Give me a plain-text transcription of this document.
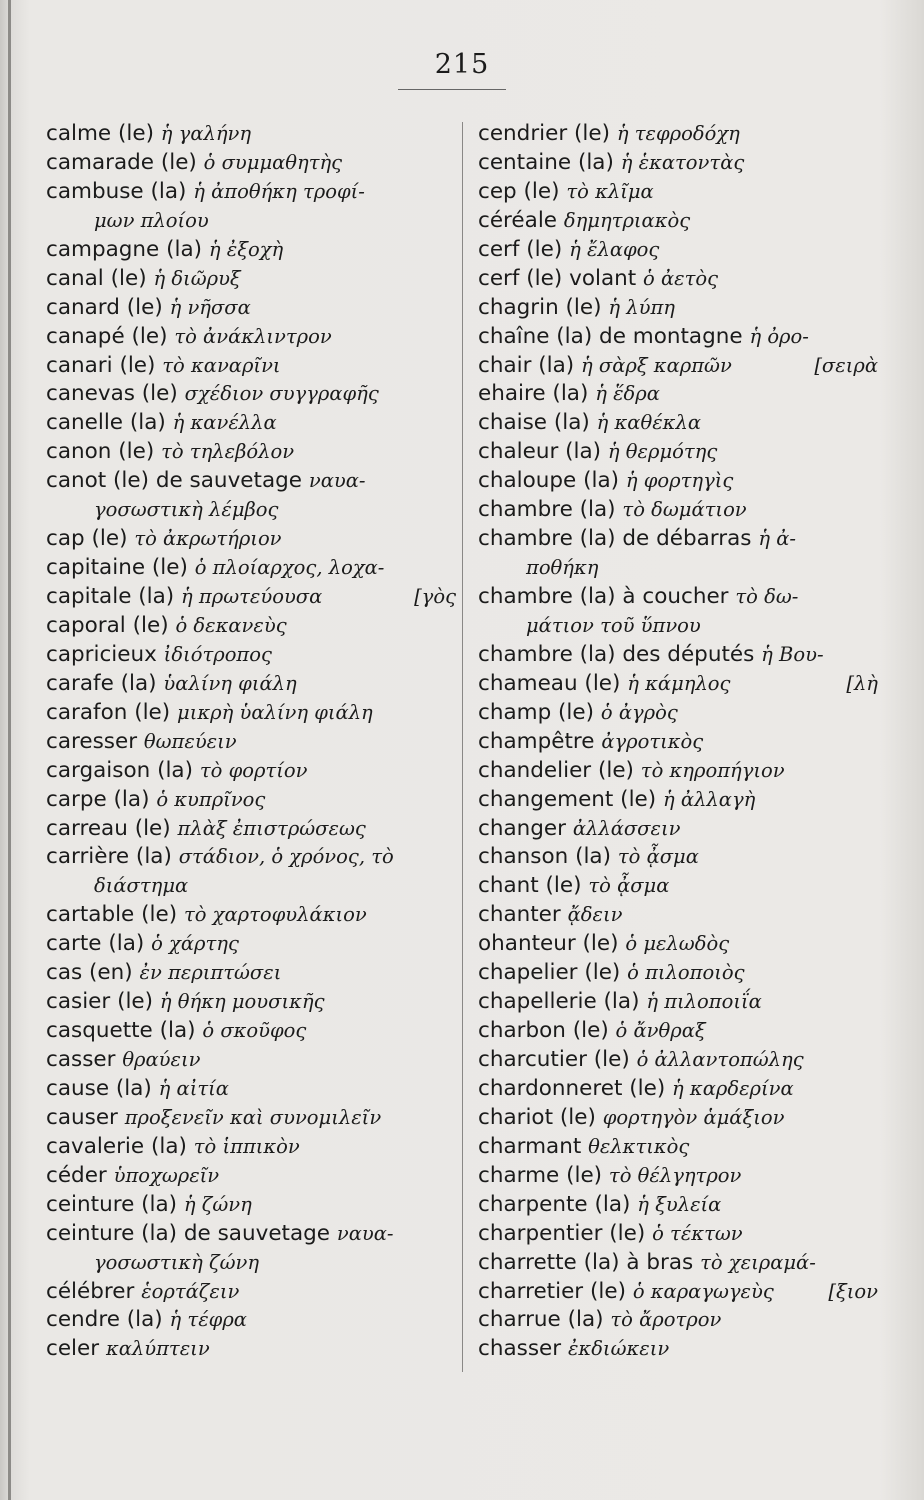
215
calme (le) ἡ γαλήνη
camarade (le) ὁ συμμαθητὴς
cambuse (la) ἡ ἀποθήκη τροφί-
μων πλοίου
campagne (la) ἡ ἐξοχὴ
canal (le) ἡ διῶρυξ
canard (le) ἡ νῆσσα
canapé (le) τὸ ἀνάκλιντρον
canari (le) τὸ καναρῖνι
canevas (le) σχέδιον συγγραφῆς
canelle (la) ἡ κανέλλα
canon (le) τὸ τηλεβόλον
canot (le) de sauvetage ναυα-
γοσωστικὴ λέμβος
cap (le) τὸ ἀκρωτήριον
capitaine (le) ὁ πλοίαρχος, λοχα-
capitale (la) ἡ πρωτεύουσα	[γὸς
caporal (le) ὁ δεκανεὺς
capricieux ἰδιότροπος
carafe (la) ὑαλίνη φιάλη
carafon (le) μικρὴ ὑαλίνη φιάλη
caresser θωπεύειν
cargaison (la) τὸ φορτίον
carpe (la) ὁ κυπρῖνος
carreau (le) πλὰξ ἐπιστρώσεως
carrière (la) στάδιον, ὁ χρόνος, τὸ
διάστημα
cartable (le) τὸ χαρτοφυλάκιον
carte (la) ὁ χάρτης
cas (en) ἐν περιπτώσει
casier (le) ἡ θήκη μουσικῆς
casquette (la) ὁ σκοῦφος
casser θραύειν
cause (la) ἡ αἰτία
causer προξενεῖν καὶ συνομιλεῖν
cavalerie (la) τὸ ἱππικὸν
céder ὑποχωρεῖν
ceinture (la) ἡ ζώνη
ceinture (la) de sauvetage ναυα-
γοσωστικὴ ζώνη
célébrer ἑορτάζειν
cendre (la) ἡ τέφρα
celer καλύπτειν
cendrier (le) ἡ τεφροδόχη
centaine (la) ἡ ἑκατοντὰς
cep (le) τὸ κλῖμα
céréale δημητριακὸς
cerf (le) ἡ ἔλαφος
cerf (le) volant ὁ ἀετὸς
chagrin (le) ἡ λύπη
chaîne (la) de montagne ἡ ὀρο-
chair (la) ἡ σὰρξ καρπῶν	[σειρὰ
ehaire (la) ἡ ἕδρα
chaise (la) ἡ καθέκλα
chaleur (la) ἡ θερμότης
chaloupe (la) ἡ φορτηγὶς
chambre (la) τὸ δωμάτιον
chambre (la) de débarras ἡ ἀ-
ποθήκη
chambre (la) à coucher τὸ δω-
μάτιον τοῦ ὕπνου
chambre (la) des députés ἡ Βου-
chameau (le) ἡ κάμηλος	[λὴ
champ (le) ὁ ἀγρὸς
champêtre ἀγροτικὸς
chandelier (le) τὸ κηροπήγιον
changement (le) ἡ ἀλλαγὴ
changer ἀλλάσσειν
chanson (la) τὸ ᾆσμα
chant (le) τὸ ᾆσμα
chanter ᾄδειν
ohanteur (le) ὁ μελωδὸς
chapelier (le) ὁ πιλοποιὸς
chapellerie (la) ἡ πιλοποιΐα
charbon (le) ὁ ἄνθραξ
charcutier (le) ὁ ἀλλαντοπώλης
chardonneret (le) ἡ καρδερίνα
chariot (le) φορτηγὸν ἁμάξιον
charmant θελκτικὸς
charme (le) τὸ θέλγητρον
charpente (la) ἡ ξυλεία
charpentier (le) ὁ τέκτων
charrette (la) à bras τὸ χειραμά-
charretier (le) ὁ καραγωγεὺς	[ξιον
charrue (la) τὸ ἄροτρον
chasser ἐκδιώκειν
